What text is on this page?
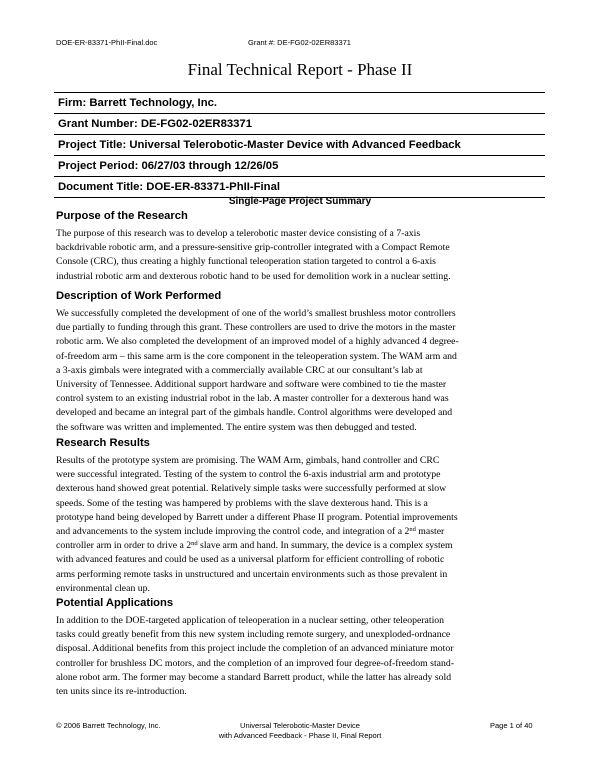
DOE-ER-83371-PhII-Final.doc	Grant #: DE-FG02-02ER83371
Final Technical Report - Phase II
Firm: Barrett Technology, Inc.
Grant Number: DE-FG02-02ER83371
Project Title: Universal Telerobotic-Master Device with Advanced Feedback
Project Period: 06/27/03 through 12/26/05
Document Title: DOE-ER-83371-PhII-Final
Single-Page Project Summary
Purpose of the Research
The purpose of this research was to develop a telerobotic master device consisting of a 7-axis
backdrivable robotic arm, and a pressure-sensitive grip-controller integrated with a Compact Remote
Console (CRC), thus creating a highly functional teleoperation station targeted to control a 6-axis
industrial robotic arm and dexterous robotic hand to be used for demolition work in a nuclear setting.
Description of Work Performed
We successfully completed the development of one of the world’s smallest brushless motor controllers
due partially to funding through this grant. These controllers are used to drive the motors in the master
robotic arm. We also completed the development of an improved model of a highly advanced 4 degree-
of-freedom arm – this same arm is the core component in the teleoperation system. The WAM arm and
a 3-axis gimbals were integrated with a commercially available CRC at our consultant’s lab at
University of Tennessee. Additional support hardware and software were combined to tie the master
control system to an existing industrial robot in the lab. A master controller for a dexterous hand was
developed and became an integral part of the gimbals handle. Control algorithms were developed and
the software was written and implemented. The entire system was then debugged and tested.
Research Results
Results of the prototype system are promising. The WAM Arm, gimbals, hand controller and CRC
were successful integrated. Testing of the system to control the 6-axis industrial arm and prototype
dexterous hand showed great potential. Relatively simple tasks were successfully performed at slow
speeds. Some of the testing was hampered by problems with the slave dexterous hand. This is a
prototype hand being developed by Barrett under a different Phase II program. Potential improvements
and advancements to the system include improving the control code, and integration of a 2nd master
controller arm in order to drive a 2nd slave arm and hand. In summary, the device is a complex system
with advanced features and could be used as a universal platform for efficient controlling of robotic
arms performing remote tasks in unstructured and uncertain environments such as those prevalent in
environmental clean up.
Potential Applications
In addition to the DOE-targeted application of teleoperation in a nuclear setting, other teleoperation
tasks could greatly benefit from this new system including remote surgery, and unexploded-ordnance
disposal. Additional benefits from this project include the completion of an advanced miniature motor
controller for brushless DC motors, and the completion of an improved four degree-of-freedom stand-
alone robot arm. The former may become a standard Barrett product, while the latter has already sold
ten units since its re-introduction.
© 2006 Barrett Technology, Inc.	Universal Telerobotic-Master Device
with Advanced Feedback - Phase II, Final Report
Page 1 of 40
